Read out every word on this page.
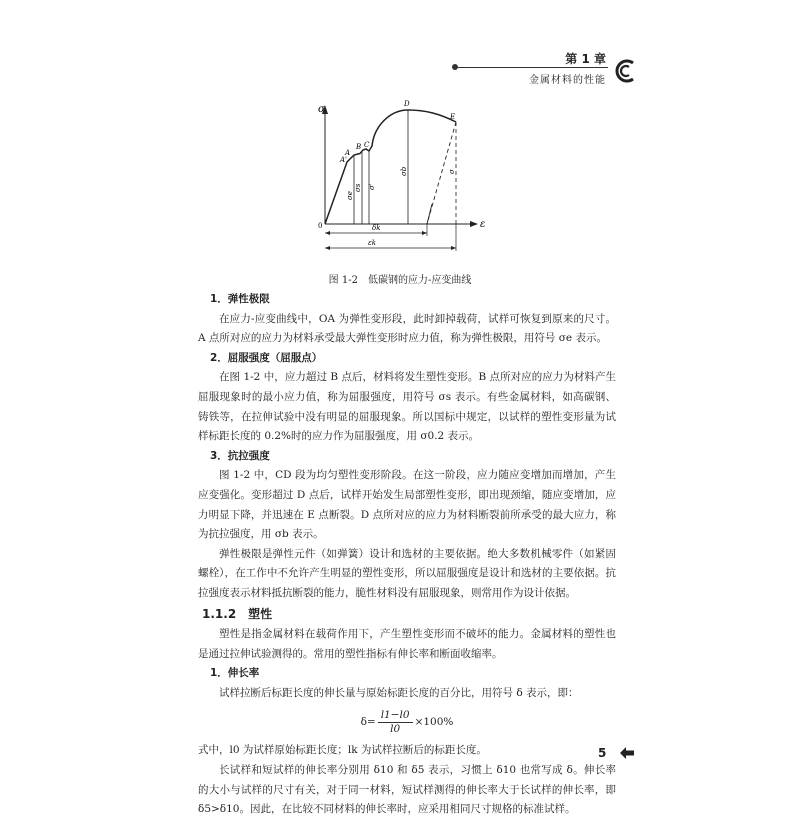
第 1 章
金属材料的性能
σ
ε
0
A'
A
B C
D
E
σe
σs σ'
σb	σ
δk
εk
图 1-2　低碳钢的应力-应变曲线
1．弹性极限

在应力-应变曲线中，OA 为弹性变形段，此时卸掉载荷，试样可恢复到原来的尺寸。A 点所对应的应力为材料承受最大弹性变形时应力值，称为弹性极限，用符号 σe 表示。

2．屈服强度（屈服点）

在图 1-2 中，应力超过 B 点后，材料将发生塑性变形。B 点所对应的应力为材料产生屈服现象时的最小应力值，称为屈服强度，用符号 σs 表示。有些金属材料，如高碳钢、铸铁等，在拉伸试验中没有明显的屈服现象。所以国标中规定，以试样的塑性变形量为试样标距长度的 0.2%时的应力作为屈服强度，用 σ0.2 表示。

3．抗拉强度

图 1-2 中，CD 段为均匀塑性变形阶段。在这一阶段，应力随应变增加而增加，产生应变强化。变形超过 D 点后，试样开始发生局部塑性变形，即出现颈缩，随应变增加，应力明显下降，并迅速在 E 点断裂。D 点所对应的应力为材料断裂前所承受的最大应力，称为抗拉强度，用 σb 表示。

弹性极限是弹性元件（如弹簧）设计和选材的主要依据。绝大多数机械零件（如紧固螺栓），在工作中不允许产生明显的塑性变形，所以屈服强度是设计和选材的主要依据。抗拉强度表示材料抵抗断裂的能力，脆性材料没有屈服现象，则常用作为设计依据。

1.1.2　塑性

塑性是指金属材料在载荷作用下，产生塑性变形而不破坏的能力。金属材料的塑性也是通过拉伸试验测得的。常用的塑性指标有伸长率和断面收缩率。

1．伸长率

试样拉断后标距长度的伸长量与原始标距长度的百分比，用符号 δ 表示，即：

$\delta= \frac{l1-l0}{l0} \times 100\%$

式中，l0 为试样原始标距长度；lk 为试样拉断后的标距长度。

长试样和短试样的伸长率分别用 δ10 和 δ5 表示，习惯上 δ10 也常写成 δ。伸长率的大小与试样的尺寸有关，对于同一材料，短试样测得的伸长率大于长试样的伸长率，即 δ5>δ10。因此，在比较不同材料的伸长率时，应采用相同尺寸规格的标准试样。

5
